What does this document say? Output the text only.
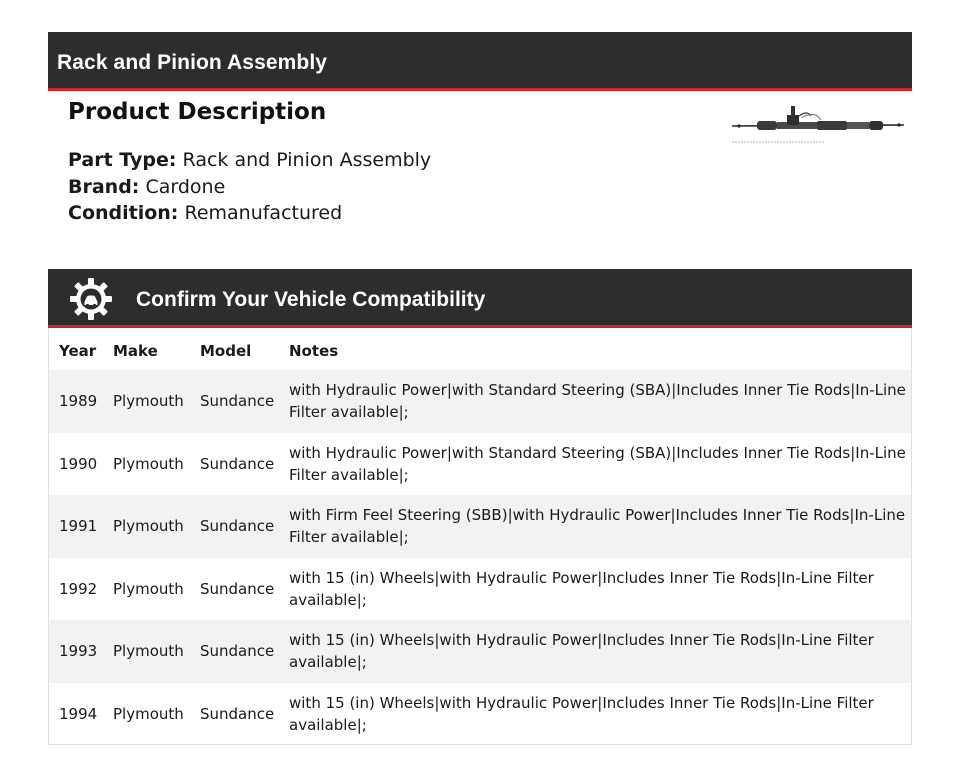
Rack and Pinion Assembly
Product Description
Part Type: Rack and Pinion Assembly
Brand: Cardone
Condition: Remanufactured
Confirm Your Vehicle Compatibility
Year Make	Model	Notes
1989 Plymouth Sundance
with Hydraulic Power|with Standard Steering (SBA)|Includes Inner Tie Rods|In-Line Filter available|;
1990 Plymouth Sundance
with Hydraulic Power|with Standard Steering (SBA)|Includes Inner Tie Rods|In-Line Filter available|;
1991 Plymouth Sundance
with Firm Feel Steering (SBB)|with Hydraulic Power|Includes Inner Tie Rods|In-Line Filter available|;
1992 Plymouth Sundance
with 15 (in) Wheels|with Hydraulic Power|Includes Inner Tie Rods|In-Line Filter available|;
1993 Plymouth Sundance
with 15 (in) Wheels|with Hydraulic Power|Includes Inner Tie Rods|In-Line Filter available|;
1994 Plymouth Sundance
with 15 (in) Wheels|with Hydraulic Power|Includes Inner Tie Rods|In-Line Filter available|;
